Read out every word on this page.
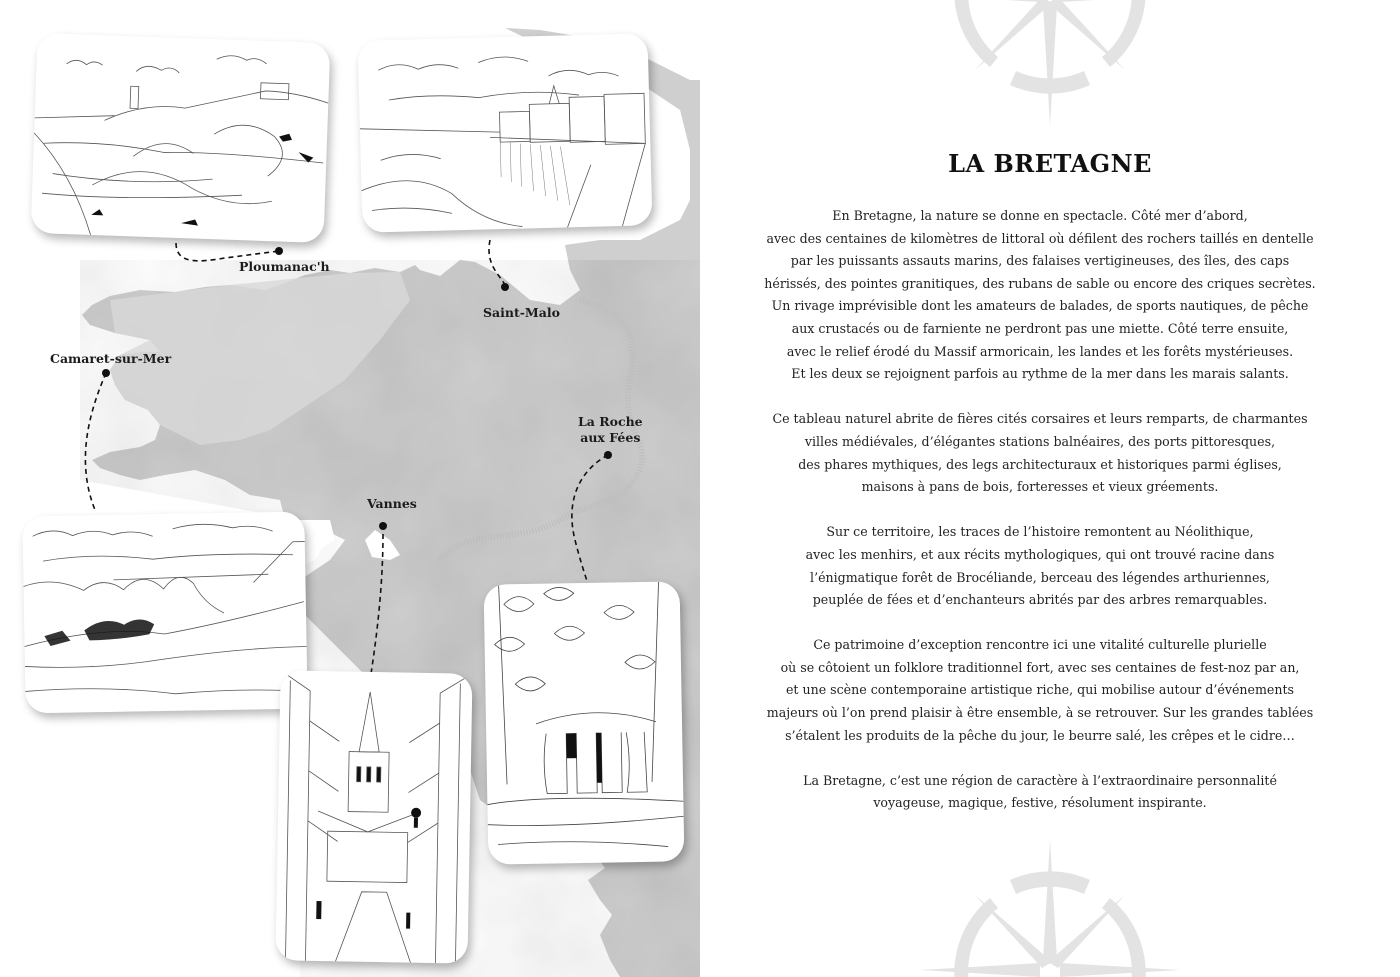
Ploumanac'h
Saint-Malo
Camaret-sur-Mer
Vannes
La Roche
aux Fées
LA BRETAGNE
En Bretagne, la nature se donne en spectacle. Côté mer d’abord,
avec des centaines de kilomètres de littoral où défilent des rochers taillés en dentelle
par les puissants assauts marins, des falaises vertigineuses, des îles, des caps
hérissés, des pointes granitiques, des rubans de sable ou encore des criques secrètes.
Un rivage imprévisible dont les amateurs de balades, de sports nautiques, de pêche
aux crustacés ou de farniente ne perdront pas une miette. Côté terre ensuite,
avec le relief érodé du Massif armoricain, les landes et les forêts mystérieuses.
Et les deux se rejoignent parfois au rythme de la mer dans les marais salants.
Ce tableau naturel abrite de fières cités corsaires et leurs remparts, de charmantes
villes médiévales, d’élégantes stations balnéaires, des ports pittoresques,
des phares mythiques, des legs architecturaux et historiques parmi églises,
maisons à pans de bois, forteresses et vieux gréements.
Sur ce territoire, les traces de l’histoire remontent au Néolithique,
avec les menhirs, et aux récits mythologiques, qui ont trouvé racine dans
l’énigmatique forêt de Brocéliande, berceau des légendes arthuriennes,
peuplée de fées et d’enchanteurs abrités par des arbres remarquables.
Ce patrimoine d’exception rencontre ici une vitalité culturelle plurielle
où se côtoient un folklore traditionnel fort, avec ses centaines de fest-noz par an,
et une scène contemporaine artistique riche, qui mobilise autour d’événements
majeurs où l’on prend plaisir à être ensemble, à se retrouver. Sur les grandes tablées
s’étalent les produits de la pêche du jour, le beurre salé, les crêpes et le cidre…
La Bretagne, c’est une région de caractère à l’extraordinaire personnalité
voyageuse, magique, festive, résolument inspirante.
